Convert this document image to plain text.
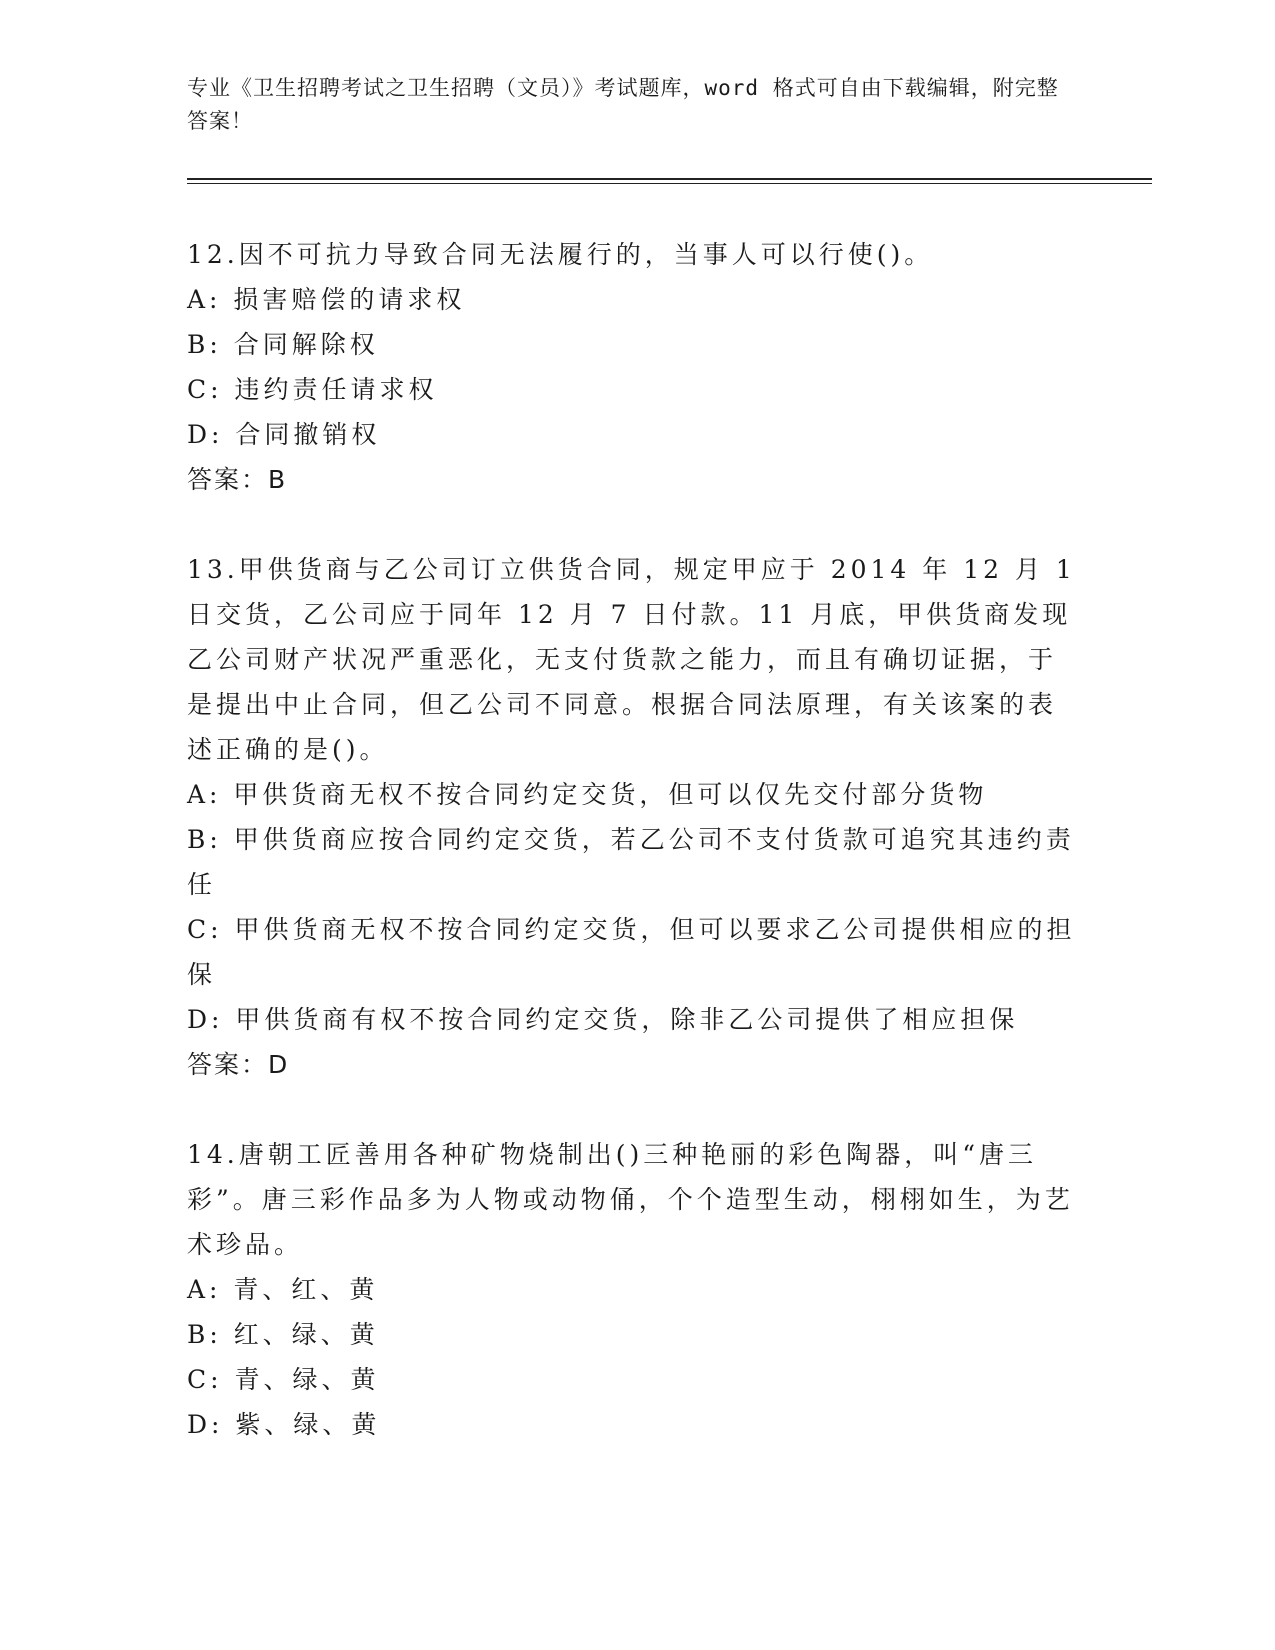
专业《卫生招聘考试之卫生招聘（文员）》考试题库，word 格式可自由下载编辑，附完整答案！

12.因不可抗力导致合同无法履行的，当事人可以行使()。

A: 损害赔偿的请求权

B: 合同解除权

C: 违约责任请求权

D: 合同撤销权

答案：B

13.甲供货商与乙公司订立供货合同，规定甲应于 2014 年 12 月 1 日交货，乙公司应于同年 12 月 7 日付款。11 月底，甲供货商发现乙公司财产状况严重恶化，无支付货款之能力，而且有确切证据，于是提出中止合同，但乙公司不同意。根据合同法原理，有关该案的表述正确的是()。

A: 甲供货商无权不按合同约定交货，但可以仅先交付部分货物

B: 甲供货商应按合同约定交货，若乙公司不支付货款可追究其违约责任

C: 甲供货商无权不按合同约定交货，但可以要求乙公司提供相应的担保

D: 甲供货商有权不按合同约定交货，除非乙公司提供了相应担保

答案：D

14.唐朝工匠善用各种矿物烧制出()三种艳丽的彩色陶器，叫“唐三彩”。唐三彩作品多为人物或动物俑，个个造型生动，栩栩如生，为艺术珍品。

A: 青、红、黄

B: 红、绿、黄

C: 青、绿、黄

D: 紫、绿、黄
